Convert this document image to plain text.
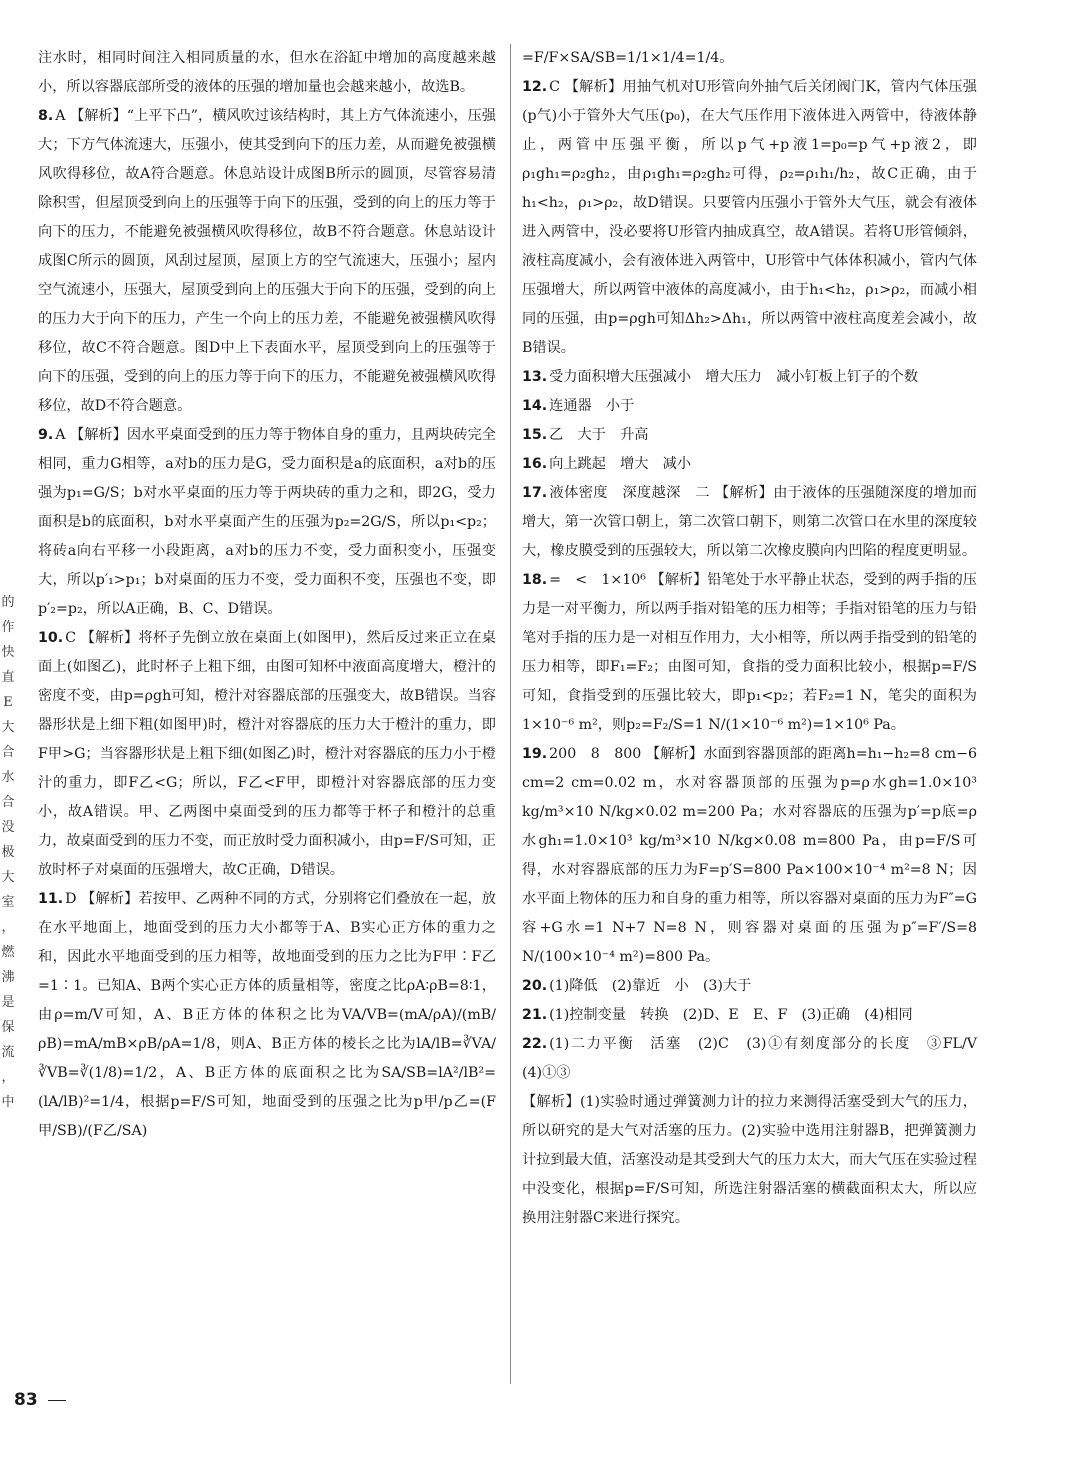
的
作
快
直
E
大
合
水
合
没
极
大
室
，
燃
沸
是
保
流
，
中

注水时，相同时间注入相同质量的水，但水在浴缸中增加的高度越来越小，所以容器底部所受的液体的压强的增加量也会越来越小，故选B。

8. A 【解析】“上平下凸”，横风吹过该结构时，其上方气体流速小，压强大；下方气体流速大，压强小，使其受到向下的压力差，从而避免被强横风吹得移位，故A符合题意。休息站设计成图B所示的圆顶，尽管容易清除积雪，但屋顶受到向上的压强等于向下的压强，受到的向上的压力等于向下的压力，不能避免被强横风吹得移位，故B不符合题意。休息站设计成图C所示的圆顶，风刮过屋顶，屋顶上方的空气流速大，压强小；屋内空气流速小，压强大，屋顶受到向上的压强大于向下的压强，受到的向上的压力大于向下的压力，产生一个向上的压力差，不能避免被强横风吹得移位，故C不符合题意。图D中上下表面水平，屋顶受到向上的压强等于向下的压强，受到的向上的压力等于向下的压力，不能避免被强横风吹得移位，故D不符合题意。

9. A 【解析】因水平桌面受到的压力等于物体自身的重力，且两块砖完全相同，重力G相等，a对b的压力是G，受力面积是a的底面积，a对b的压强为p₁=G/S；b对水平桌面的压力等于两块砖的重力之和，即2G，受力面积是b的底面积，b对水平桌面产生的压强为p₂=2G/S，所以p₁<p₂；将砖a向右平移一小段距离，a对b的压力不变，受力面积变小，压强变大，所以p′₁>p₁；b对桌面的压力不变，受力面积不变，压强也不变，即p′₂=p₂，所以A正确，B、C、D错误。

10. C 【解析】将杯子先倒立放在桌面上(如图甲)，然后反过来正立在桌面上(如图乙)，此时杯子上粗下细，由图可知杯中液面高度增大，橙汁的密度不变，由p=ρgh可知，橙汁对容器底部的压强变大，故B错误。当容器形状是上细下粗(如图甲)时，橙汁对容器底的压力大于橙汁的重力，即F甲>G；当容器形状是上粗下细(如图乙)时，橙汁对容器底的压力小于橙汁的重力，即F乙<G；所以，F乙<F甲，即橙汁对容器底部的压力变小，故A错误。甲、乙两图中桌面受到的压力都等于杯子和橙汁的总重力，故桌面受到的压力不变，而正放时受力面积减小，由p=F/S可知，正放时杯子对桌面的压强增大，故C正确，D错误。

11. D 【解析】若按甲、乙两种不同的方式，分别将它们叠放在一起，放在水平地面上，地面受到的压力大小都等于A、B实心正方体的重力之和，因此水平地面受到的压力相等，故地面受到的压力之比为F甲∶F乙=1∶1。已知A、B两个实心正方体的质量相等，密度之比ρA∶ρB=8∶1，由ρ=m/V可知，A、B正方体的体积之比为VA/VB=(mA/ρA)/(mB/ρB)=mA/mB×ρB/ρA=1/8，则A、B正方体的棱长之比为lA/lB=∛VA/∛VB=∛(1/8)=1/2，A、B正方体的底面积之比为SA/SB=lA²/lB²=(lA/lB)²=1/4，根据p=F/S可知，地面受到的压强之比为p甲/p乙=(F甲/SB)/(F乙/SA)

=F/F×SA/SB=1/1×1/4=1/4。

12. C 【解析】用抽气机对U形管向外抽气后关闭阀门K，管内气体压强(p气)小于管外大气压(p₀)，在大气压作用下液体进入两管中，待液体静止，两管中压强平衡，所以p气+p液1=p₀=p气+p液2，即ρ₁gh₁=ρ₂gh₂，由ρ₁gh₁=ρ₂gh₂可得，ρ₂=ρ₁h₁/h₂，故C正确，由于h₁<h₂，ρ₁>ρ₂，故D错误。只要管内压强小于管外大气压，就会有液体进入两管中，没必要将U形管内抽成真空，故A错误。若将U形管倾斜，液柱高度减小，会有液体进入两管中，U形管中气体体积减小，管内气体压强增大，所以两管中液体的高度减小，由于h₁<h₂，ρ₁>ρ₂，而减小相同的压强，由p=ρgh可知Δh₂>Δh₁，所以两管中液柱高度差会减小，故B错误。

13. 受力面积增大压强减小　增大压力　减小钉板上钉子的个数

14. 连通器　小于

15. 乙　大于　升高

16. 向上跳起　增大　减小

17. 液体密度　深度越深　二 【解析】由于液体的压强随深度的增加而增大，第一次管口朝上，第二次管口朝下，则第二次管口在水里的深度较大，橡皮膜受到的压强较大，所以第二次橡皮膜向内凹陷的程度更明显。

18. =　<　1×10⁶ 【解析】铅笔处于水平静止状态，受到的两手指的压力是一对平衡力，所以两手指对铅笔的压力相等；手指对铅笔的压力与铅笔对手指的压力是一对相互作用力，大小相等，所以两手指受到的铅笔的压力相等，即F₁=F₂；由图可知，食指的受力面积比较小，根据p=F/S可知，食指受到的压强比较大，即p₁<p₂；若F₂=1 N，笔尖的面积为1×10⁻⁶ m²，则p₂=F₂/S=1 N/(1×10⁻⁶ m²)=1×10⁶ Pa。

19. 200　8　800 【解析】水面到容器顶部的距离h=h₁−h₂=8 cm−6 cm=2 cm=0.02 m，水对容器顶部的压强为p=ρ水gh=1.0×10³ kg/m³×10 N/kg×0.02 m=200 Pa；水对容器底的压强为p′=p底=ρ水gh₁=1.0×10³ kg/m³×10 N/kg×0.08 m=800 Pa，由p=F/S可得，水对容器底部的压力为F=p′S=800 Pa×100×10⁻⁴ m²=8 N；因水平面上物体的压力和自身的重力相等，所以容器对桌面的压力为F″=G容+G水=1 N+7 N=8 N，则容器对桌面的压强为p″=F′/S=8 N/(100×10⁻⁴ m²)=800 Pa。

20. (1)降低　(2)靠近　小　(3)大于

21. (1)控制变量　转换　(2)D、E　E、F　(3)正确　(4)相同

22. (1)二力平衡　活塞　(2)C　(3)①有刻度部分的长度　③FL/V　(4)①③

【解析】(1)实验时通过弹簧测力计的拉力来测得活塞受到大气的压力，所以研究的是大气对活塞的压力。(2)实验中选用注射器B，把弹簧测力计拉到最大值，活塞没动是其受到大气的压力太大，而大气压在实验过程中没变化，根据p=F/S可知，所选注射器活塞的横截面积太大，所以应换用注射器C来进行探究。

83
